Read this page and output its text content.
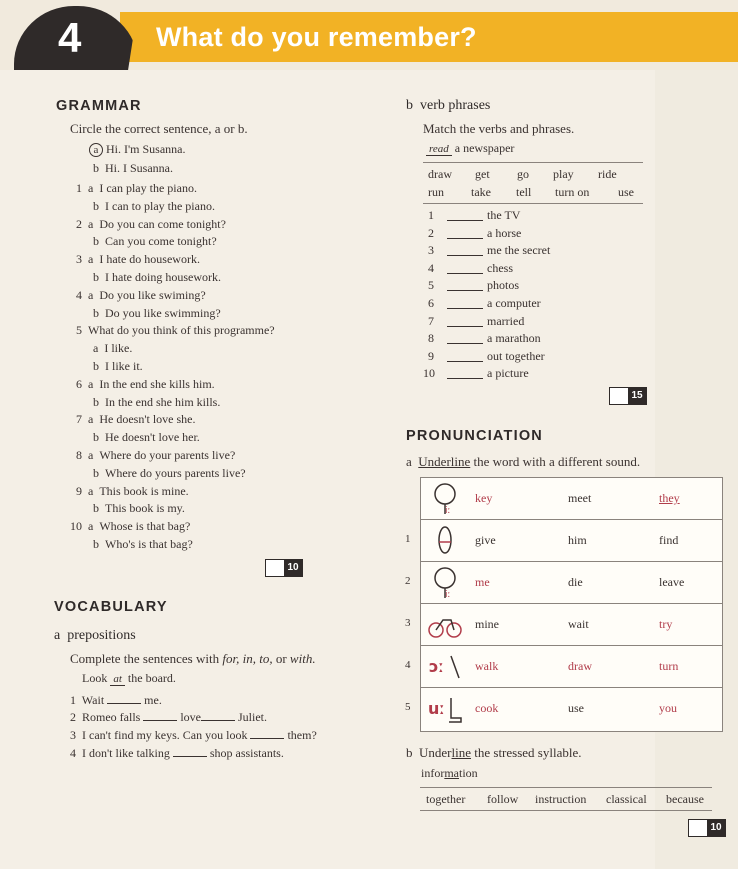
4	What do you remember?
GRAMMAR
Circle the correct sentence, a or b.
a Hi. I'm Susanna.
b Hi. I Susanna.
1  a  I can play the piano.
b  I can to play the piano.
2  a  Do you can come tonight?
b  Can you come tonight?
3  a  I hate do housework.
b  I hate doing housework.
4  a  Do you like swiming?
b  Do you like swimming?
5 What do you think of this programme?
a  I like.
b  I like it.
6  a  In the end she kills him.
b  In the end she him kills.
7  a  He doesn't love she.
b  He doesn't love her.
8  a  Where do your parents live?
b  Where do yours parents live?
9  a  This book is mine.
b  This book is my.
10  a  Whose is that bag?
b  Who's is that bag?
10
VOCABULARY
a prepositions
Complete the sentences with for, in, to, or with.
Look at the board.
1 Wait	me.
2 Romeo falls	love	Juliet.
3 I can't find my keys. Can you look	them?
4 I don't like talking	shop assistants.
b verb phrases
Match the verbs and phrases.
read a newspaper
draw get go play ride
run take tell turn on use
1	the TV
2	a horse
3	me the secret
4	chess
5	photos
6	a computer
7	married
8	a marathon
9	out together
10	a picture
15
PRONUNCIATION
a Underline the word with a different sound.
iː
key	meet	they
give	him	find
iː
me	die	leave
mine	wait	try
ɔː	walk	draw	turn
uː	cook	use	you
1
2
3
4
5
b Underline the stressed syllable.
information
together follow instruction classical because
10
